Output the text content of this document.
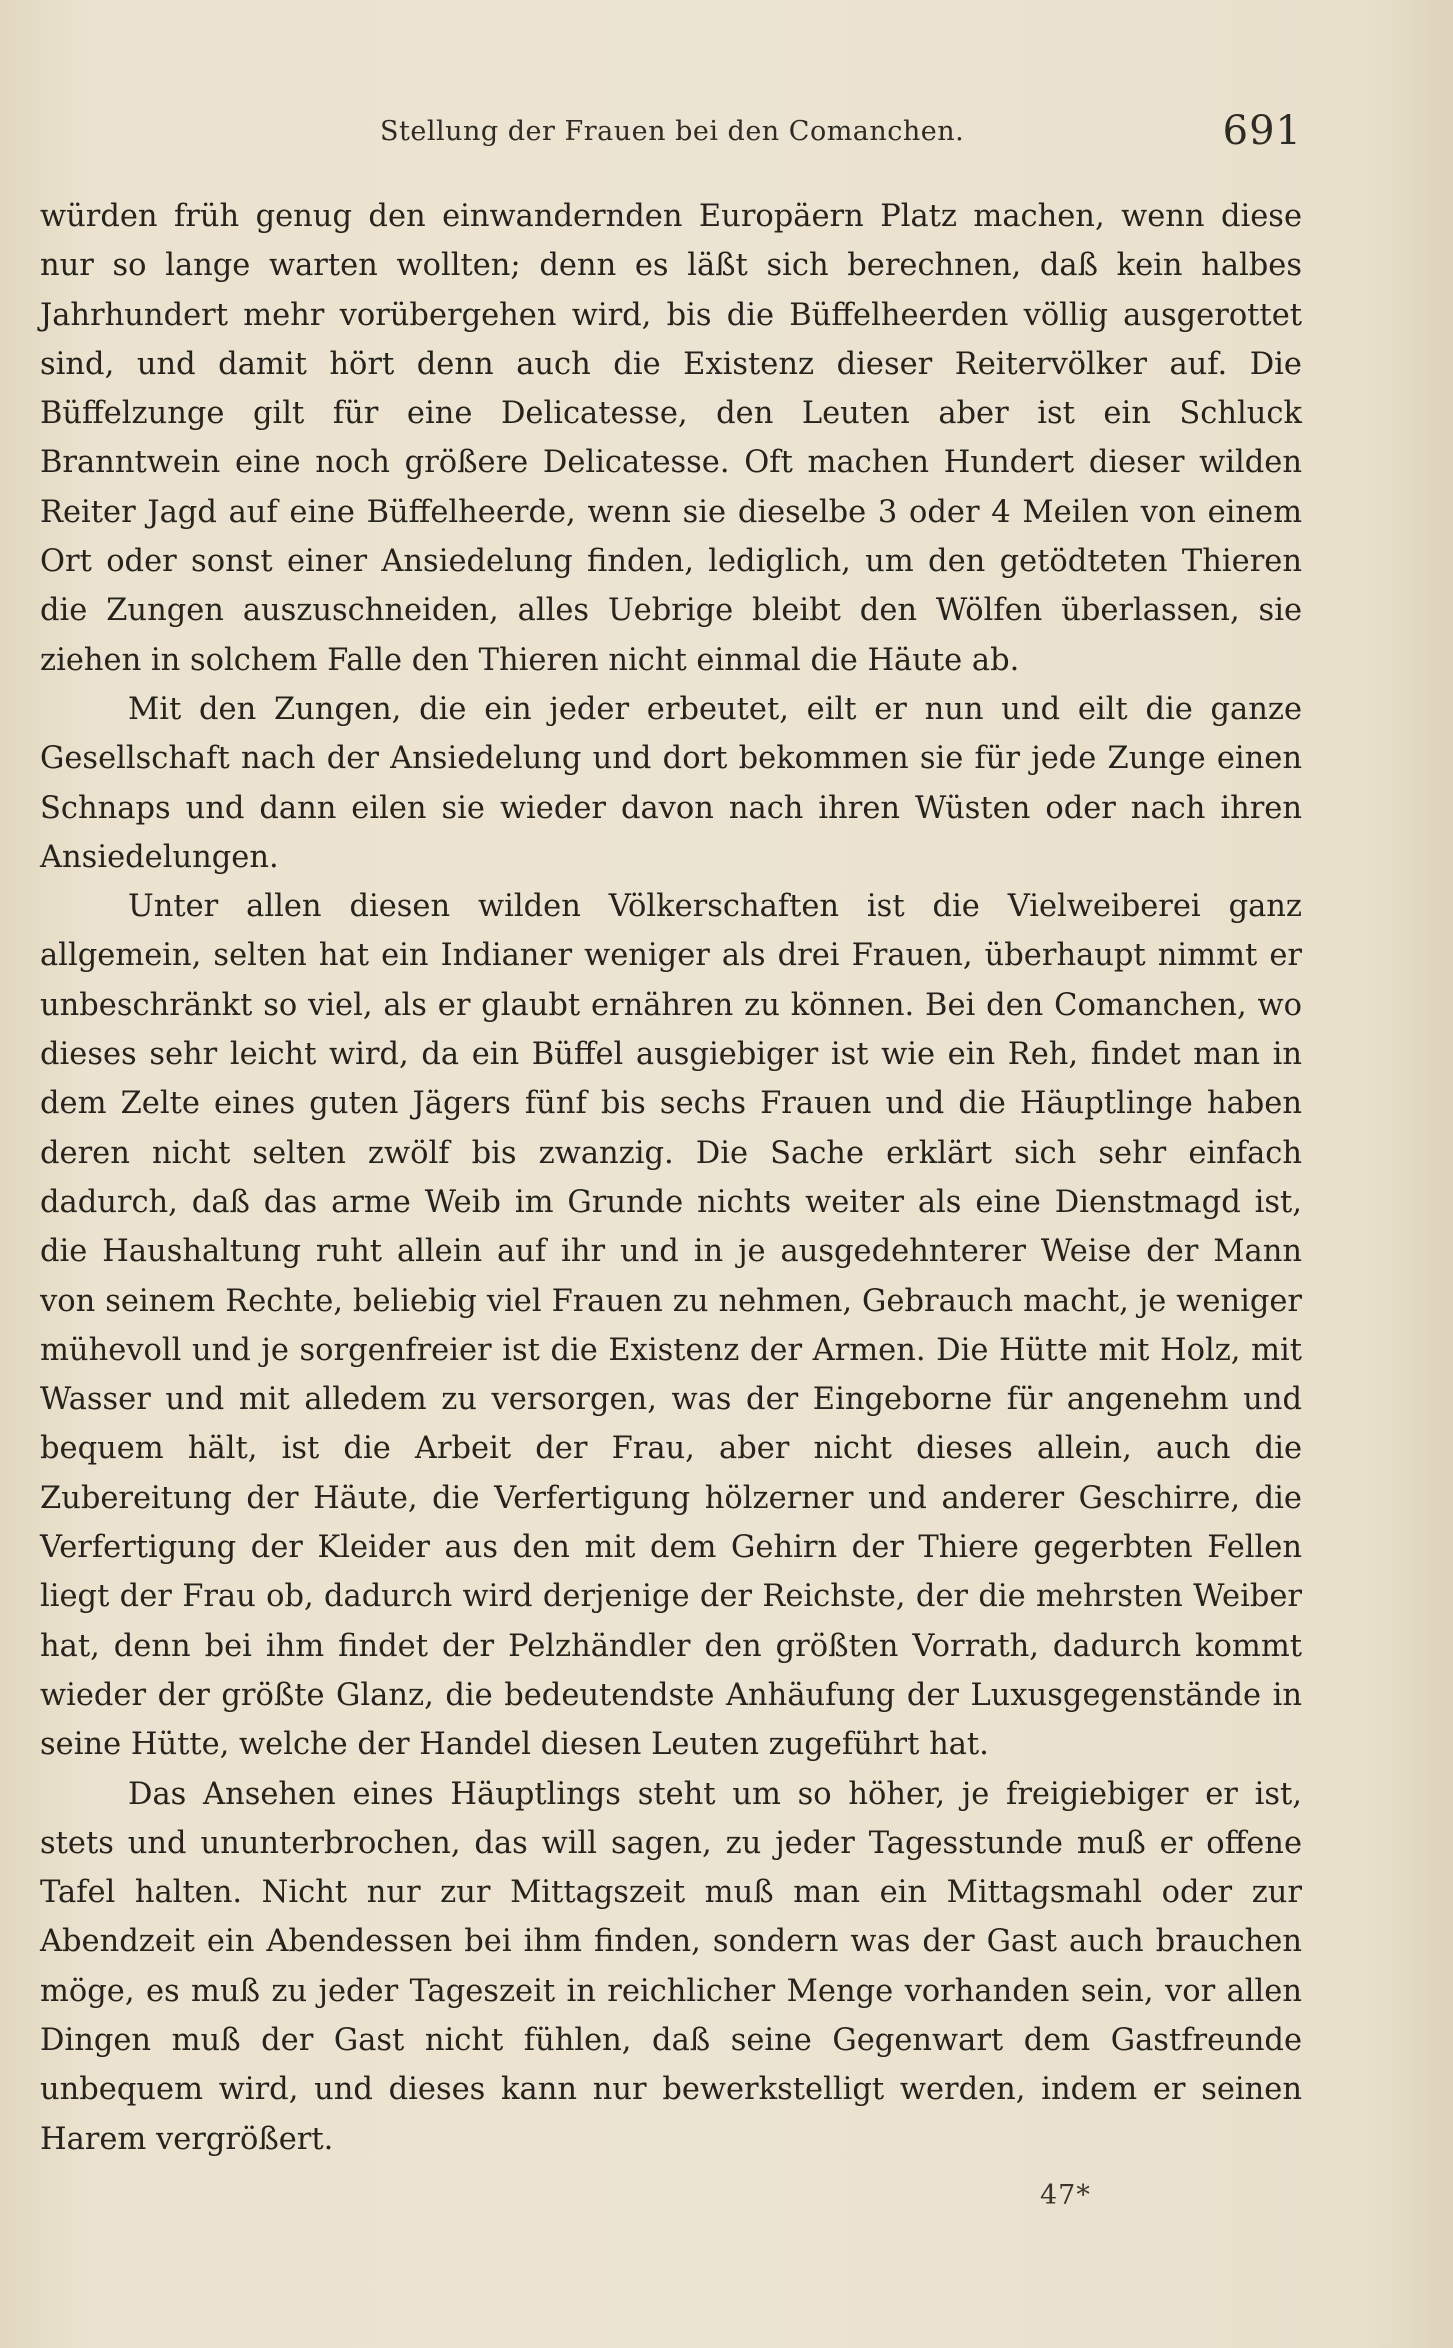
Stellung der Frauen bei den Comanchen.	691

würden früh genug den einwandernden Europäern Platz machen, wenn diese nur so lange warten wollten; denn es läßt sich berechnen, daß kein halbes Jahrhundert mehr vorübergehen wird, bis die Büffelheerden völlig ausgerottet sind, und damit hört denn auch die Existenz dieser Reitervölker auf. Die Büffelzunge gilt für eine Delicatesse, den Leuten aber ist ein Schluck Branntwein eine noch größere Delicatesse. Oft machen Hundert dieser wilden Reiter Jagd auf eine Büffelheerde, wenn sie dieselbe 3 oder 4 Meilen von einem Ort oder sonst einer Ansiedelung finden, lediglich, um den getödteten Thieren die Zungen auszuschneiden, alles Uebrige bleibt den Wölfen überlassen, sie ziehen in solchem Falle den Thieren nicht einmal die Häute ab.

Mit den Zungen, die ein jeder erbeutet, eilt er nun und eilt die ganze Gesellschaft nach der Ansiedelung und dort bekommen sie für jede Zunge einen Schnaps und dann eilen sie wieder davon nach ihren Wüsten oder nach ihren Ansiedelungen.

Unter allen diesen wilden Völkerschaften ist die Vielweiberei ganz allgemein, selten hat ein Indianer weniger als drei Frauen, überhaupt nimmt er unbeschränkt so viel, als er glaubt ernähren zu können. Bei den Comanchen, wo dieses sehr leicht wird, da ein Büffel ausgiebiger ist wie ein Reh, findet man in dem Zelte eines guten Jägers fünf bis sechs Frauen und die Häuptlinge haben deren nicht selten zwölf bis zwanzig. Die Sache erklärt sich sehr einfach dadurch, daß das arme Weib im Grunde nichts weiter als eine Dienstmagd ist, die Haushaltung ruht allein auf ihr und in je ausgedehnterer Weise der Mann von seinem Rechte, beliebig viel Frauen zu nehmen, Gebrauch macht, je weniger mühevoll und je sorgenfreier ist die Existenz der Armen. Die Hütte mit Holz, mit Wasser und mit alledem zu versorgen, was der Eingeborne für angenehm und bequem hält, ist die Arbeit der Frau, aber nicht dieses allein, auch die Zubereitung der Häute, die Verfertigung hölzerner und anderer Geschirre, die Verfertigung der Kleider aus den mit dem Gehirn der Thiere gegerbten Fellen liegt der Frau ob, dadurch wird derjenige der Reichste, der die mehrsten Weiber hat, denn bei ihm findet der Pelzhändler den größten Vorrath, dadurch kommt wieder der größte Glanz, die bedeutendste Anhäufung der Luxusgegenstände in seine Hütte, welche der Handel diesen Leuten zugeführt hat.

Das Ansehen eines Häuptlings steht um so höher, je freigiebiger er ist, stets und ununterbrochen, das will sagen, zu jeder Tagesstunde muß er offene Tafel halten. Nicht nur zur Mittagszeit muß man ein Mittagsmahl oder zur Abendzeit ein Abendessen bei ihm finden, sondern was der Gast auch brauchen möge, es muß zu jeder Tageszeit in reichlicher Menge vorhanden sein, vor allen Dingen muß der Gast nicht fühlen, daß seine Gegenwart dem Gastfreunde unbequem wird, und dieses kann nur bewerkstelligt werden, indem er seinen Harem vergrößert.

47*
